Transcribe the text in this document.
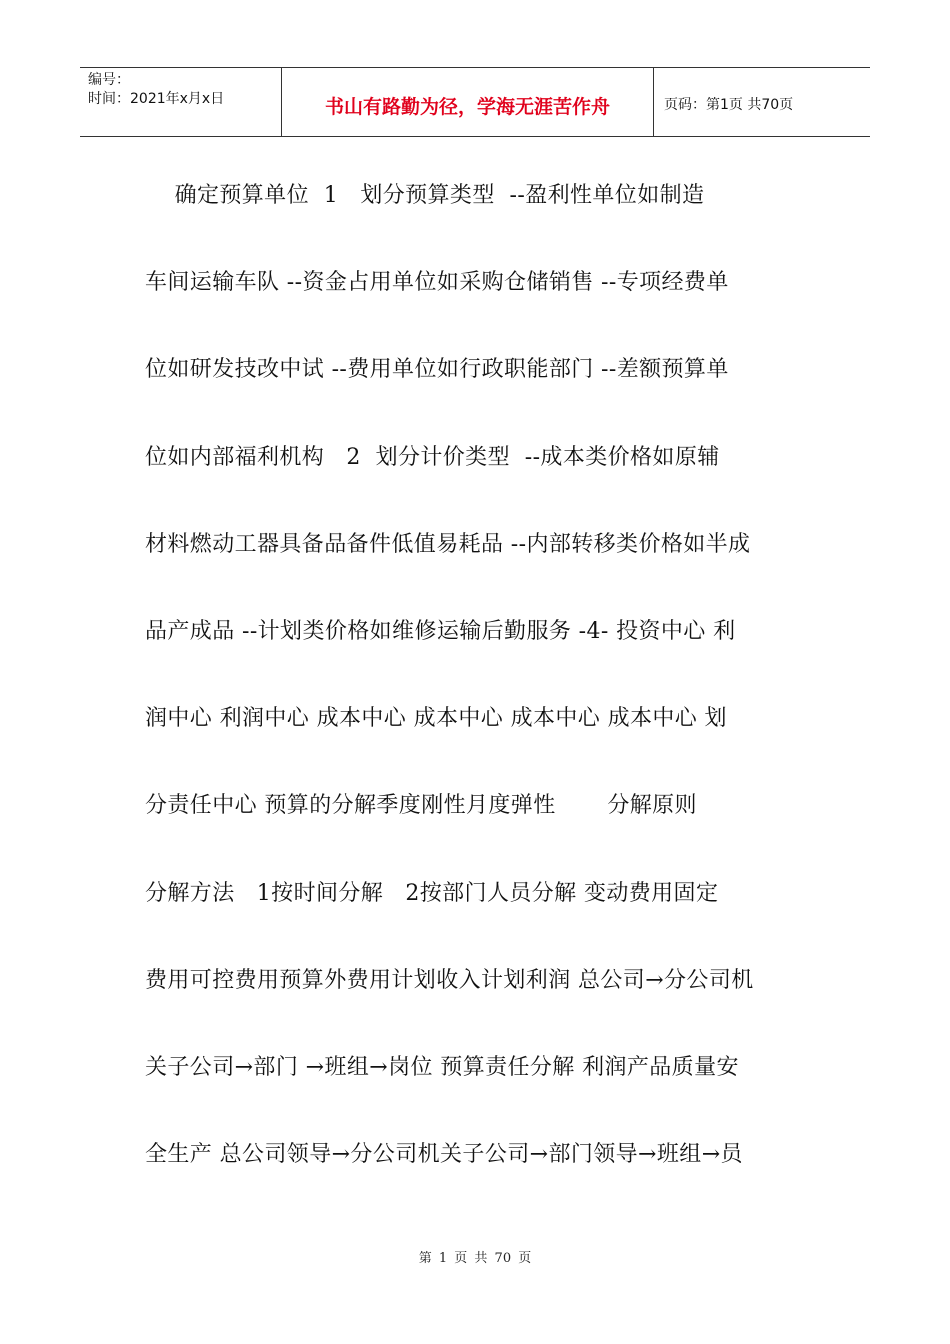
编号：
时间：2021年x月x日	书山有路勤为径，学海无涯苦作舟	页码：第1页 共70页
确定预算单位  1   划分预算类型  --盈利性单位如制造
车间运输车队 --资金占用单位如采购仓储销售 --专项经费单
位如研发技改中试 --费用单位如行政职能部门 --差额预算单
位如内部福利机构   2  划分计价类型  --成本类价格如原辅
材料燃动工器具备品备件低值易耗品 --内部转移类价格如半成
品产成品 --计划类价格如维修运输后勤服务 -4- 投资中心 利
润中心 利润中心 成本中心 成本中心 成本中心 成本中心 划
分责任中心 预算的分解季度刚性月度弹性       分解原则
分解方法   1按时间分解   2按部门人员分解 变动费用固定
费用可控费用预算外费用计划收入计划利润 总公司→分公司机
关子公司→部门 →班组→岗位 预算责任分解 利润产品质量安
全生产 总公司领导→分公司机关子公司→部门领导→班组→员
第 1 页 共 70 页
